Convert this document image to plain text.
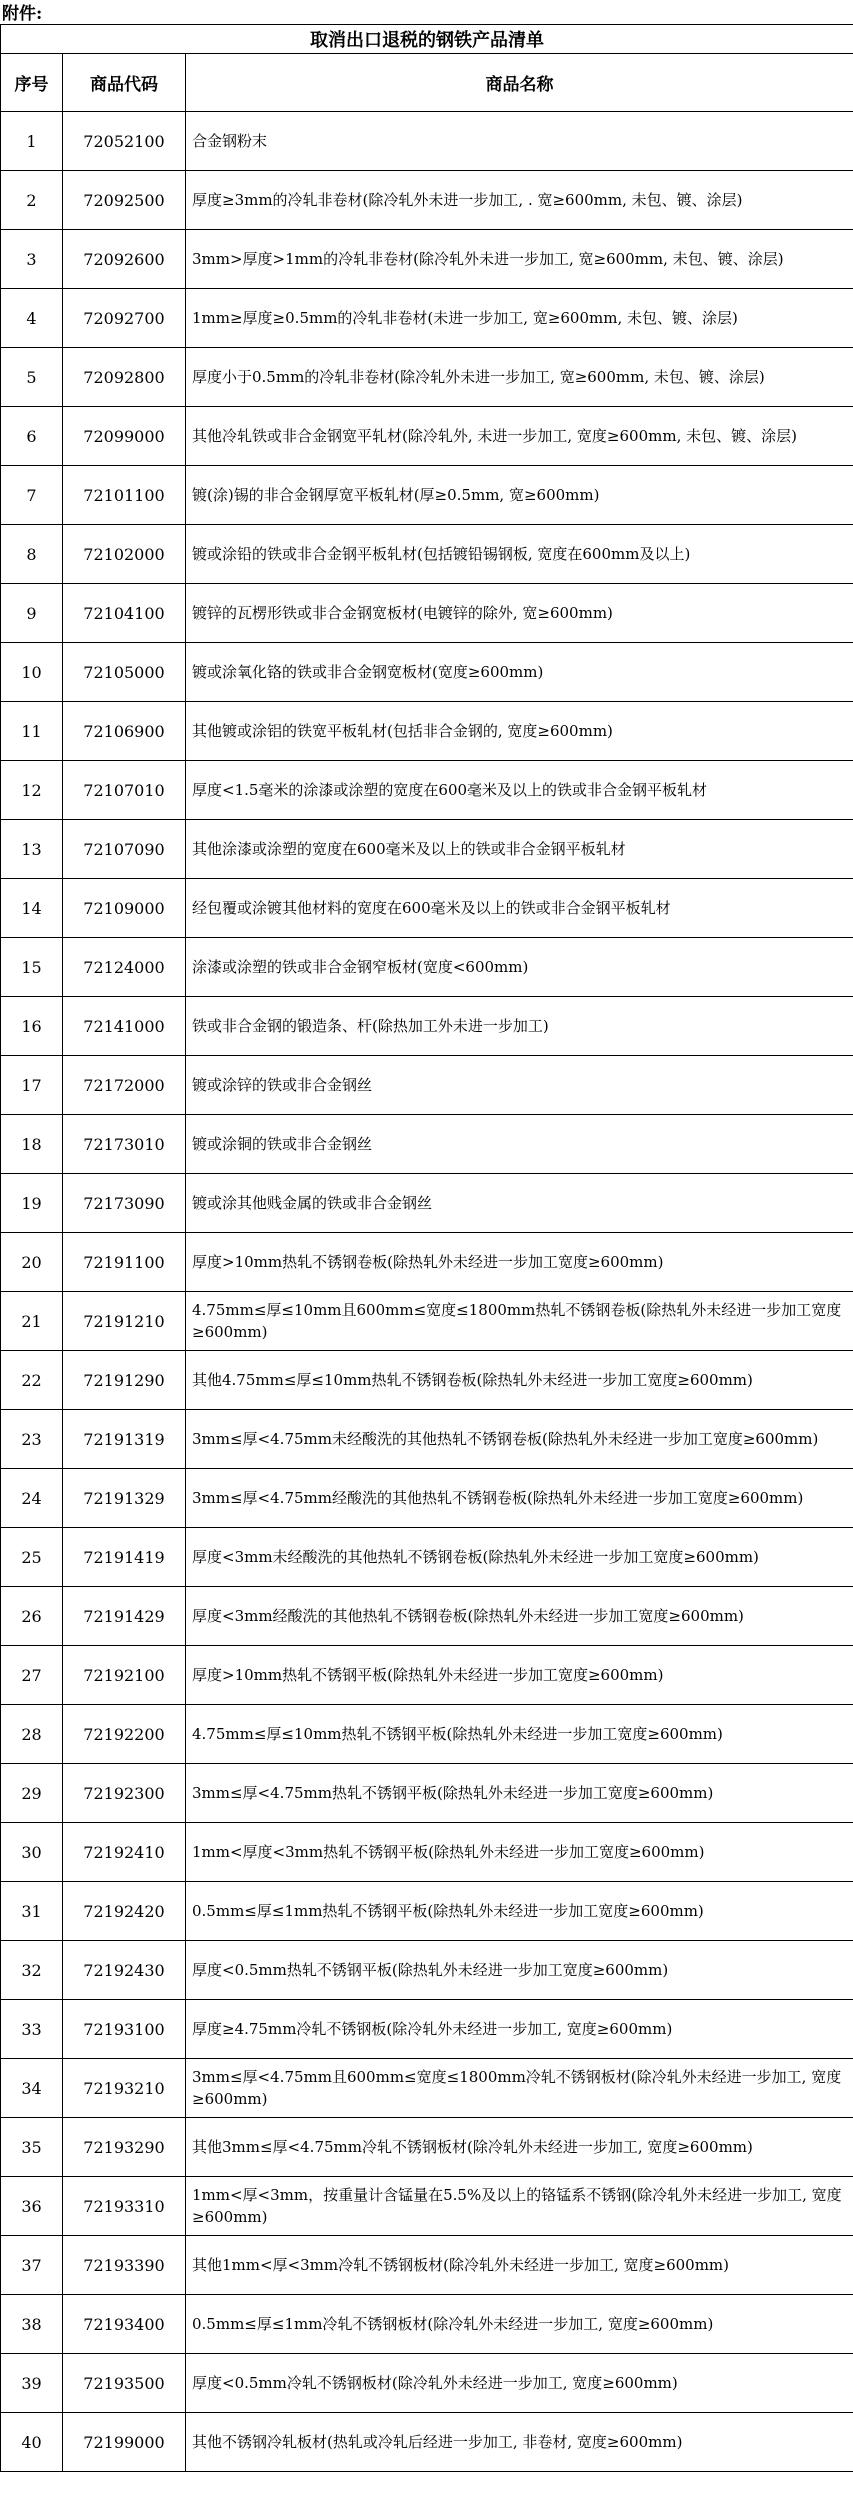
附件:
取消出口退税的钢铁产品清单		
序号	商品代码	商品名称
1	72052100	合金钢粉末
2	72092500	厚度≥3mm的冷轧非卷材(除冷轧外未进一步加工, . 宽≥600mm, 未包、镀、涂层)
3	72092600	3mm>厚度>1mm的冷轧非卷材(除冷轧外未进一步加工, 宽≥600mm, 未包、镀、涂层)
4	72092700	1mm≥厚度≥0.5mm的冷轧非卷材(未进一步加工, 宽≥600mm, 未包、镀、涂层)
5	72092800	厚度小于0.5mm的冷轧非卷材(除冷轧外未进一步加工, 宽≥600mm, 未包、镀、涂层)
6	72099000	其他冷轧铁或非合金钢宽平轧材(除冷轧外, 未进一步加工, 宽度≥600mm, 未包、镀、涂层)
7	72101100	镀(涂)锡的非合金钢厚宽平板轧材(厚≥0.5mm, 宽≥600mm)
8	72102000	镀或涂铅的铁或非合金钢平板轧材(包括镀铅锡钢板, 宽度在600mm及以上)
9	72104100	镀锌的瓦楞形铁或非合金钢宽板材(电镀锌的除外, 宽≥600mm)
10	72105000	镀或涂氧化铬的铁或非合金钢宽板材(宽度≥600mm)
11	72106900	其他镀或涂铝的铁宽平板轧材(包括非合金钢的, 宽度≥600mm)
12	72107010	厚度<1.5毫米的涂漆或涂塑的宽度在600毫米及以上的铁或非合金钢平板轧材
13	72107090	其他涂漆或涂塑的宽度在600毫米及以上的铁或非合金钢平板轧材
14	72109000	经包覆或涂镀其他材料的宽度在600毫米及以上的铁或非合金钢平板轧材
15	72124000	涂漆或涂塑的铁或非合金钢窄板材(宽度<600mm)
16	72141000	铁或非合金钢的锻造条、杆(除热加工外未进一步加工)
17	72172000	镀或涂锌的铁或非合金钢丝
18	72173010	镀或涂铜的铁或非合金钢丝
19	72173090	镀或涂其他贱金属的铁或非合金钢丝
20	72191100	厚度>10mm热轧不锈钢卷板(除热轧外未经进一步加工宽度≥600mm)
21	72191210	4.75mm≤厚≤10mm且600mm≤宽度≤1800mm热轧不锈钢卷板(除热轧外未经进一步加工宽度≥600mm)
22	72191290	其他4.75mm≤厚≤10mm热轧不锈钢卷板(除热轧外未经进一步加工宽度≥600mm)
23	72191319	3mm≤厚<4.75mm未经酸洗的其他热轧不锈钢卷板(除热轧外未经进一步加工宽度≥600mm)
24	72191329	3mm≤厚<4.75mm经酸洗的其他热轧不锈钢卷板(除热轧外未经进一步加工宽度≥600mm)
25	72191419	厚度<3mm未经酸洗的其他热轧不锈钢卷板(除热轧外未经进一步加工宽度≥600mm)
26	72191429	厚度<3mm经酸洗的其他热轧不锈钢卷板(除热轧外未经进一步加工宽度≥600mm)
27	72192100	厚度>10mm热轧不锈钢平板(除热轧外未经进一步加工宽度≥600mm)
28	72192200	4.75mm≤厚≤10mm热轧不锈钢平板(除热轧外未经进一步加工宽度≥600mm)
29	72192300	3mm≤厚<4.75mm热轧不锈钢平板(除热轧外未经进一步加工宽度≥600mm)
30	72192410	1mm<厚度<3mm热轧不锈钢平板(除热轧外未经进一步加工宽度≥600mm)
31	72192420	0.5mm≤厚≤1mm热轧不锈钢平板(除热轧外未经进一步加工宽度≥600mm)
32	72192430	厚度<0.5mm热轧不锈钢平板(除热轧外未经进一步加工宽度≥600mm)
33	72193100	厚度≥4.75mm冷轧不锈钢板(除冷轧外未经进一步加工, 宽度≥600mm)
34	72193210	3mm≤厚<4.75mm且600mm≤宽度≤1800mm冷轧不锈钢板材(除冷轧外未经进一步加工, 宽度≥600mm)
35	72193290	其他3mm≤厚<4.75mm冷轧不锈钢板材(除冷轧外未经进一步加工, 宽度≥600mm)
36	72193310	1mm<厚<3mm，按重量计含锰量在5.5%及以上的铬锰系不锈钢(除冷轧外未经进一步加工, 宽度≥600mm)
37	72193390	其他1mm<厚<3mm冷轧不锈钢板材(除冷轧外未经进一步加工, 宽度≥600mm)
38	72193400	0.5mm≤厚≤1mm冷轧不锈钢板材(除冷轧外未经进一步加工, 宽度≥600mm)
39	72193500	厚度<0.5mm冷轧不锈钢板材(除冷轧外未经进一步加工, 宽度≥600mm)
40	72199000	其他不锈钢冷轧板材(热轧或冷轧后经进一步加工, 非卷材, 宽度≥600mm)
